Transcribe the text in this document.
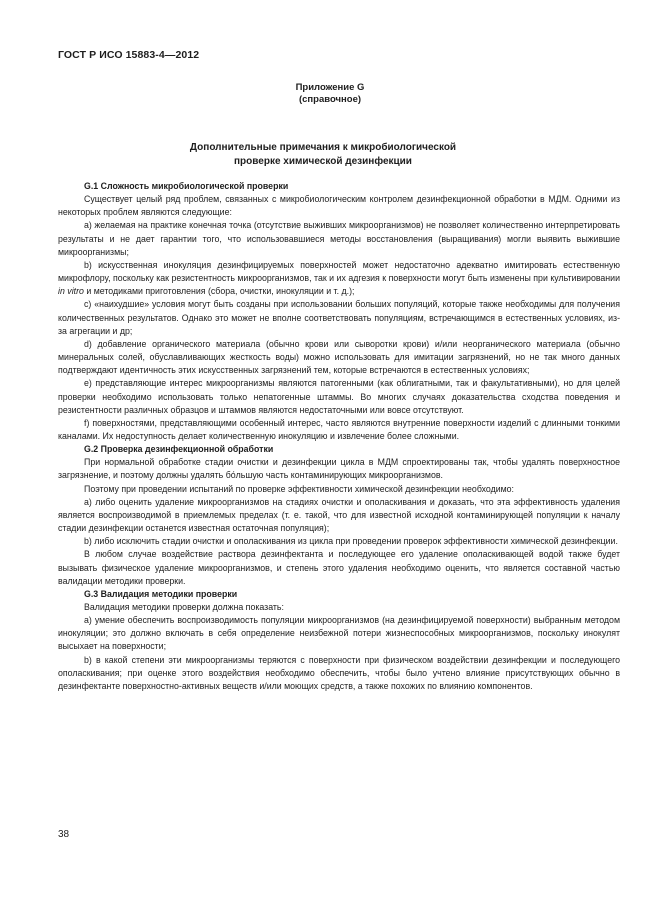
ГОСТ Р ИСО 15883-4—2012
Приложение G
(справочное)
Дополнительные примечания к микробиологической
проверке химической дезинфекции
G.1 Сложность микробиологической проверки

Существует целый ряд проблем, связанных с микробиологическим контролем дезинфекционной обработки в МДМ. Одними из некоторых проблем являются следующие:

а) желаемая на практике конечная точка (отсутствие выживших микроорганизмов) не позволяет количественно интерпретировать результаты и не дает гарантии того, что использовавшиеся методы восстановления (выращивания) могли выявить выжившие микроорганизмы;

b) искусственная инокуляция дезинфицируемых поверхностей может недостаточно адекватно имитировать естественную микрофлору, поскольку как резистентность микроорганизмов, так и их адгезия к поверхности могут быть изменены при культивировании in vitro и методиками приготовления (сбора, очистки, инокуляции и т. д.);

с) «наихудшие» условия могут быть созданы при использовании больших популяций, которые также необходимы для получения количественных результатов. Однако это может не вполне соответствовать популяциям, встречающимся в естественных условиях, из-за агрегации и др;

d) добавление органического материала (обычно крови или сыворотки крови) и/или неорганического материала (обычно минеральных солей, обуславливающих жесткость воды) можно использовать для имитации загрязнений, но не так много данных подтверждают идентичность этих искусственных загрязнений тем, которые встречаются в естественных условиях;

е) представляющие интерес микроорганизмы являются патогенными (как облигатными, так и факультативными), но для целей проверки необходимо использовать только непатогенные штаммы. Во многих случаях доказательства сходства поведения и резистентности различных образцов и штаммов являются недостаточными или вовсе отсутствуют.

f) поверхностями, представляющими особенный интерес, часто являются внутренние поверхности изделий с длинными тонкими каналами. Их недоступность делает количественную инокуляцию и извлечение более сложными.

G.2 Проверка дезинфекционной обработки

При нормальной обработке стадии очистки и дезинфекции цикла в МДМ спроектированы так, чтобы удалять поверхностное загрязнение, и поэтому должны удалять бо́льшую часть контаминирующих микроорганизмов.

Поэтому при проведении испытаний по проверке эффективности химической дезинфекции необходимо:

а) либо оценить удаление микроорганизмов на стадиях очистки и ополаскивания и доказать, что эта эффективность удаления является воспроизводимой в приемлемых пределах (т. е. такой, что для известной исходной контаминирующей популяции к началу стадии дезинфекции останется известная остаточная популяция);

b) либо исключить стадии очистки и ополаскивания из цикла при проведении проверок эффективности химической дезинфекции.

В любом случае воздействие раствора дезинфектанта и последующее его удаление ополаскивающей водой также будет вызывать физическое удаление микроорганизмов, и степень этого удаления необходимо оценить, что является составной частью валидации методики проверки.

G.3 Валидация методики проверки

Валидация методики проверки должна показать:

а) умение обеспечить воспроизводимость популяции микроорганизмов (на дезинфицируемой поверхности) выбранным методом инокуляции; это должно включать в себя определение неизбежной потери жизнеспособных микроорганизмов, поскольку инокулят высыхает на поверхности;

b) в какой степени эти микроорганизмы теряются с поверхности при физическом воздействии дезинфекции и последующего ополаскивания; при оценке этого воздействия необходимо обеспечить, чтобы было учтено влияние присутствующих обычно в дезинфектанте поверхностно-активных веществ и/или моющих средств, а также похожих по влиянию компонентов.

38
